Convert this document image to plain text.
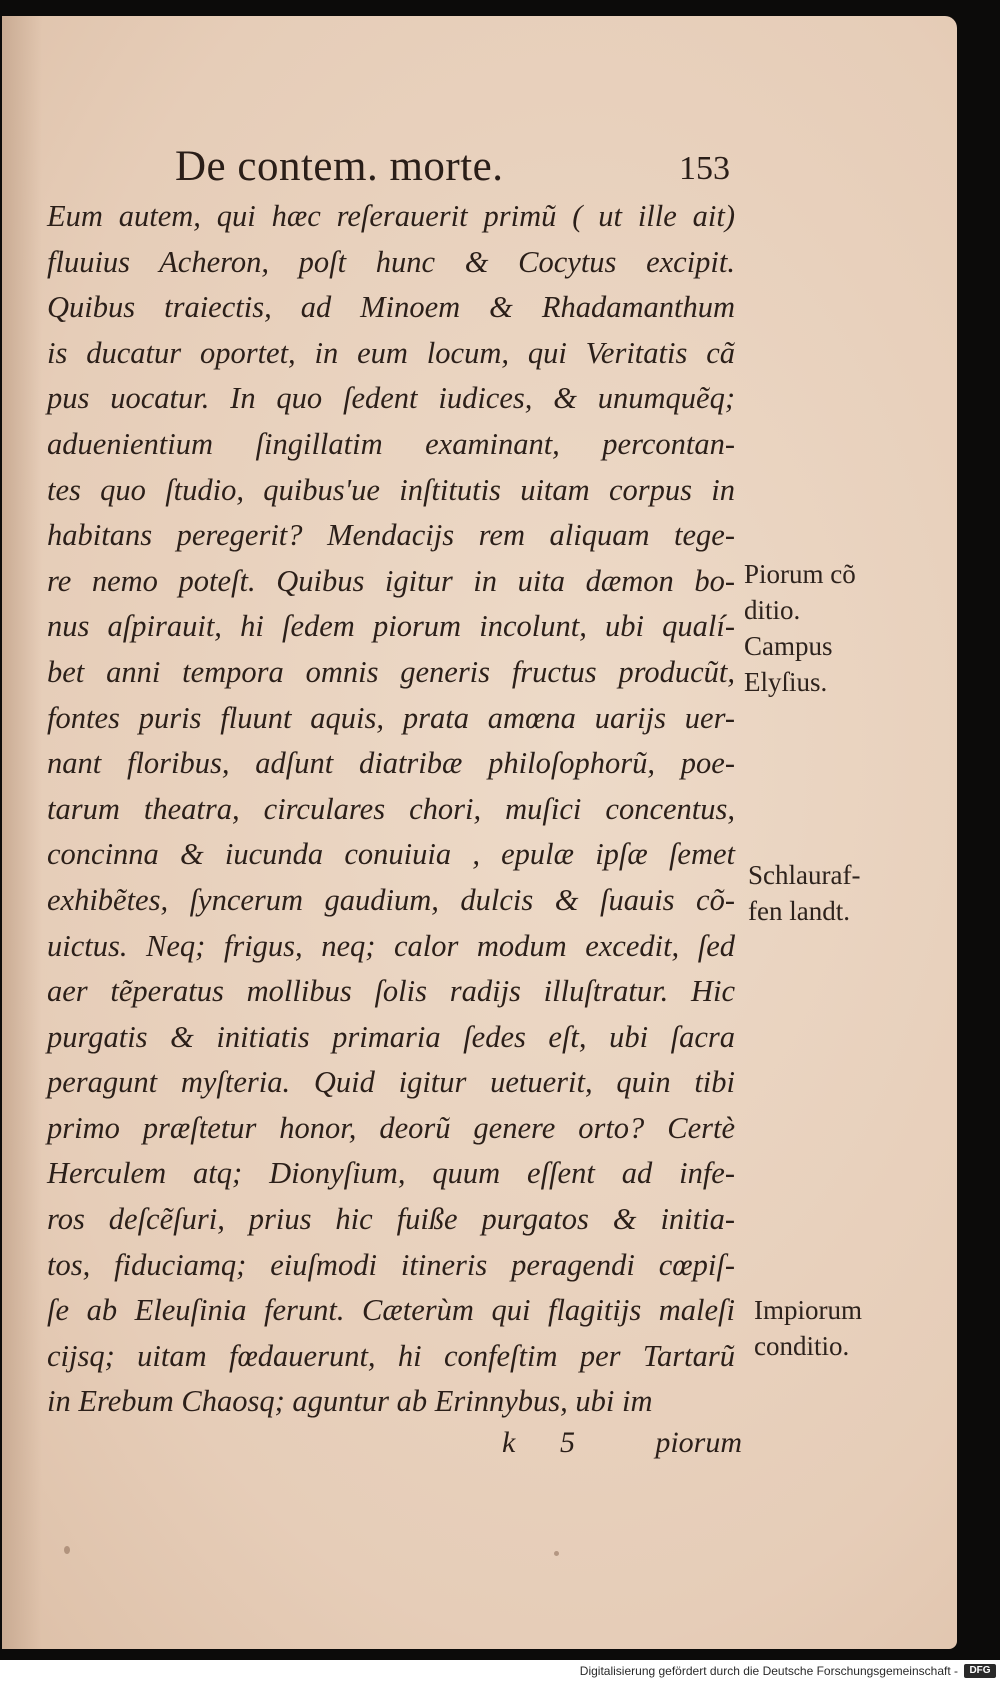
De contem. morte.	153
Eum autem, qui hæc reſerauerit primũ ( ut ille ait)
fluuius Acheron, poſt hunc & Cocytus excipit.
Quibus traiectis, ad Minoem & Rhadamanthum
is ducatur oportet, in eum locum, qui Veritatis cã
pus uocatur. In quo ſedent iudices, & unumquẽq;
aduenientium ſingillatim examinant, percontan-
tes quo ſtudio, quibus'ue inſtitutis uitam corpus in
habitans peregerit? Mendacijs rem aliquam tege-
re nemo poteſt. Quibus igitur in uita dæmon bo-
nus aſpirauit, hi ſedem piorum incolunt, ubi qualí-
bet anni tempora omnis generis fructus producũt,
fontes puris fluunt aquis, prata amœna uarijs uer-
nant floribus, adſunt diatribæ philoſophorũ, poe-
tarum theatra, circulares chori, muſici concentus,
concinna & iucunda conuiuia , epulæ ipſæ ſemet
exhibẽtes, ſyncerum gaudium, dulcis & ſuauis cõ-
uictus. Neq; frigus, neq; calor modum excedit, ſed
aer tẽperatus mollibus ſolis radijs illuſtratur. Hic
purgatis & initiatis primaria ſedes eſt, ubi ſacra
peragunt myſteria. Quid igitur uetuerit, quin tibi
primo præſtetur honor, deorũ genere orto? Certè
Herculem atq; Dionyſium, quum eſſent ad infe-
ros deſcẽſuri, prius hic fuiße purgatos & initia-
tos, fiduciamq; eiuſmodi itineris peragendi cœpiſ-
ſe ab Eleuſinia ferunt. Cæterùm qui flagitijs maleſi
cijsq; uitam fœdauerunt, hi confeſtim per Tartarũ
in Erebum Chaosq; aguntur ab Erinnybus, ubi im
k 5	piorum
Piorum cõ
ditio.
Campus
Elyſius.
Schlauraf-
fen landt.
Impiorum
conditio.
Digitalisierung gefördert durch die Deutsche Forschungsgemeinschaft -	DFG
